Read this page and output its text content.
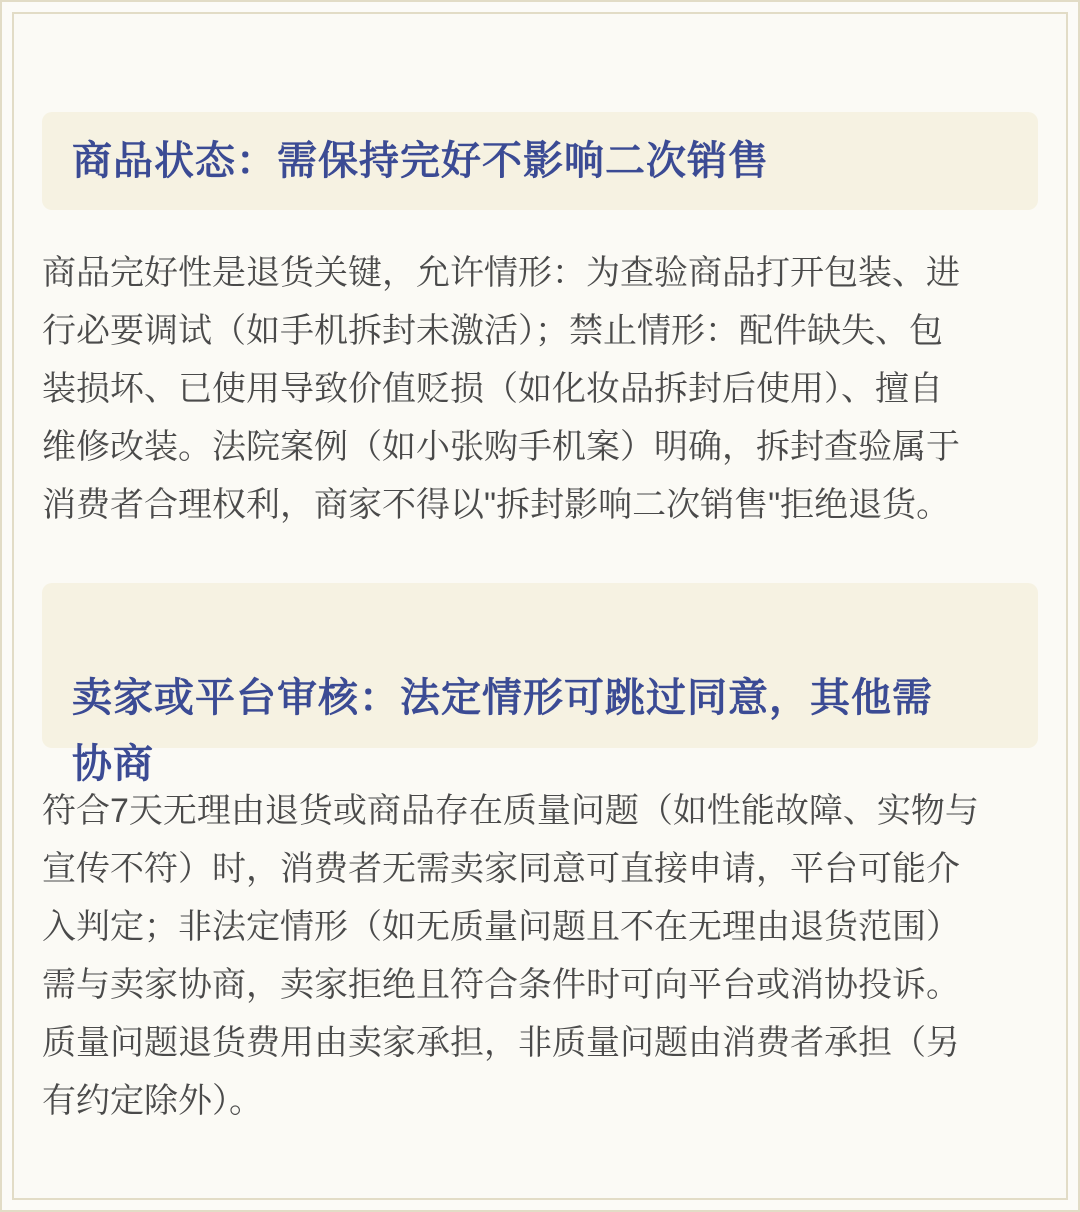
商品状态：需保持完好不影响二次销售

商品完好性是退货关键，允许情形：为查验商品打开包装、进
行必要调试（如手机拆封未激活）；禁止情形：配件缺失、包
装损坏、已使用导致价值贬损（如化妆品拆封后使用）、擅自
维修改装。法院案例（如小张购手机案）明确，拆封查验属于
消费者合理权利，商家不得以"拆封影响二次销售"拒绝退货。

卖家或平台审核：法定情形可跳过同意，其他需
协商

符合7天无理由退货或商品存在质量问题（如性能故障、实物与
宣传不符）时，消费者无需卖家同意可直接申请，平台可能介
入判定；非法定情形（如无质量问题且不在无理由退货范围）
需与卖家协商，卖家拒绝且符合条件时可向平台或消协投诉。
质量问题退货费用由卖家承担，非质量问题由消费者承担（另
有约定除外）。
